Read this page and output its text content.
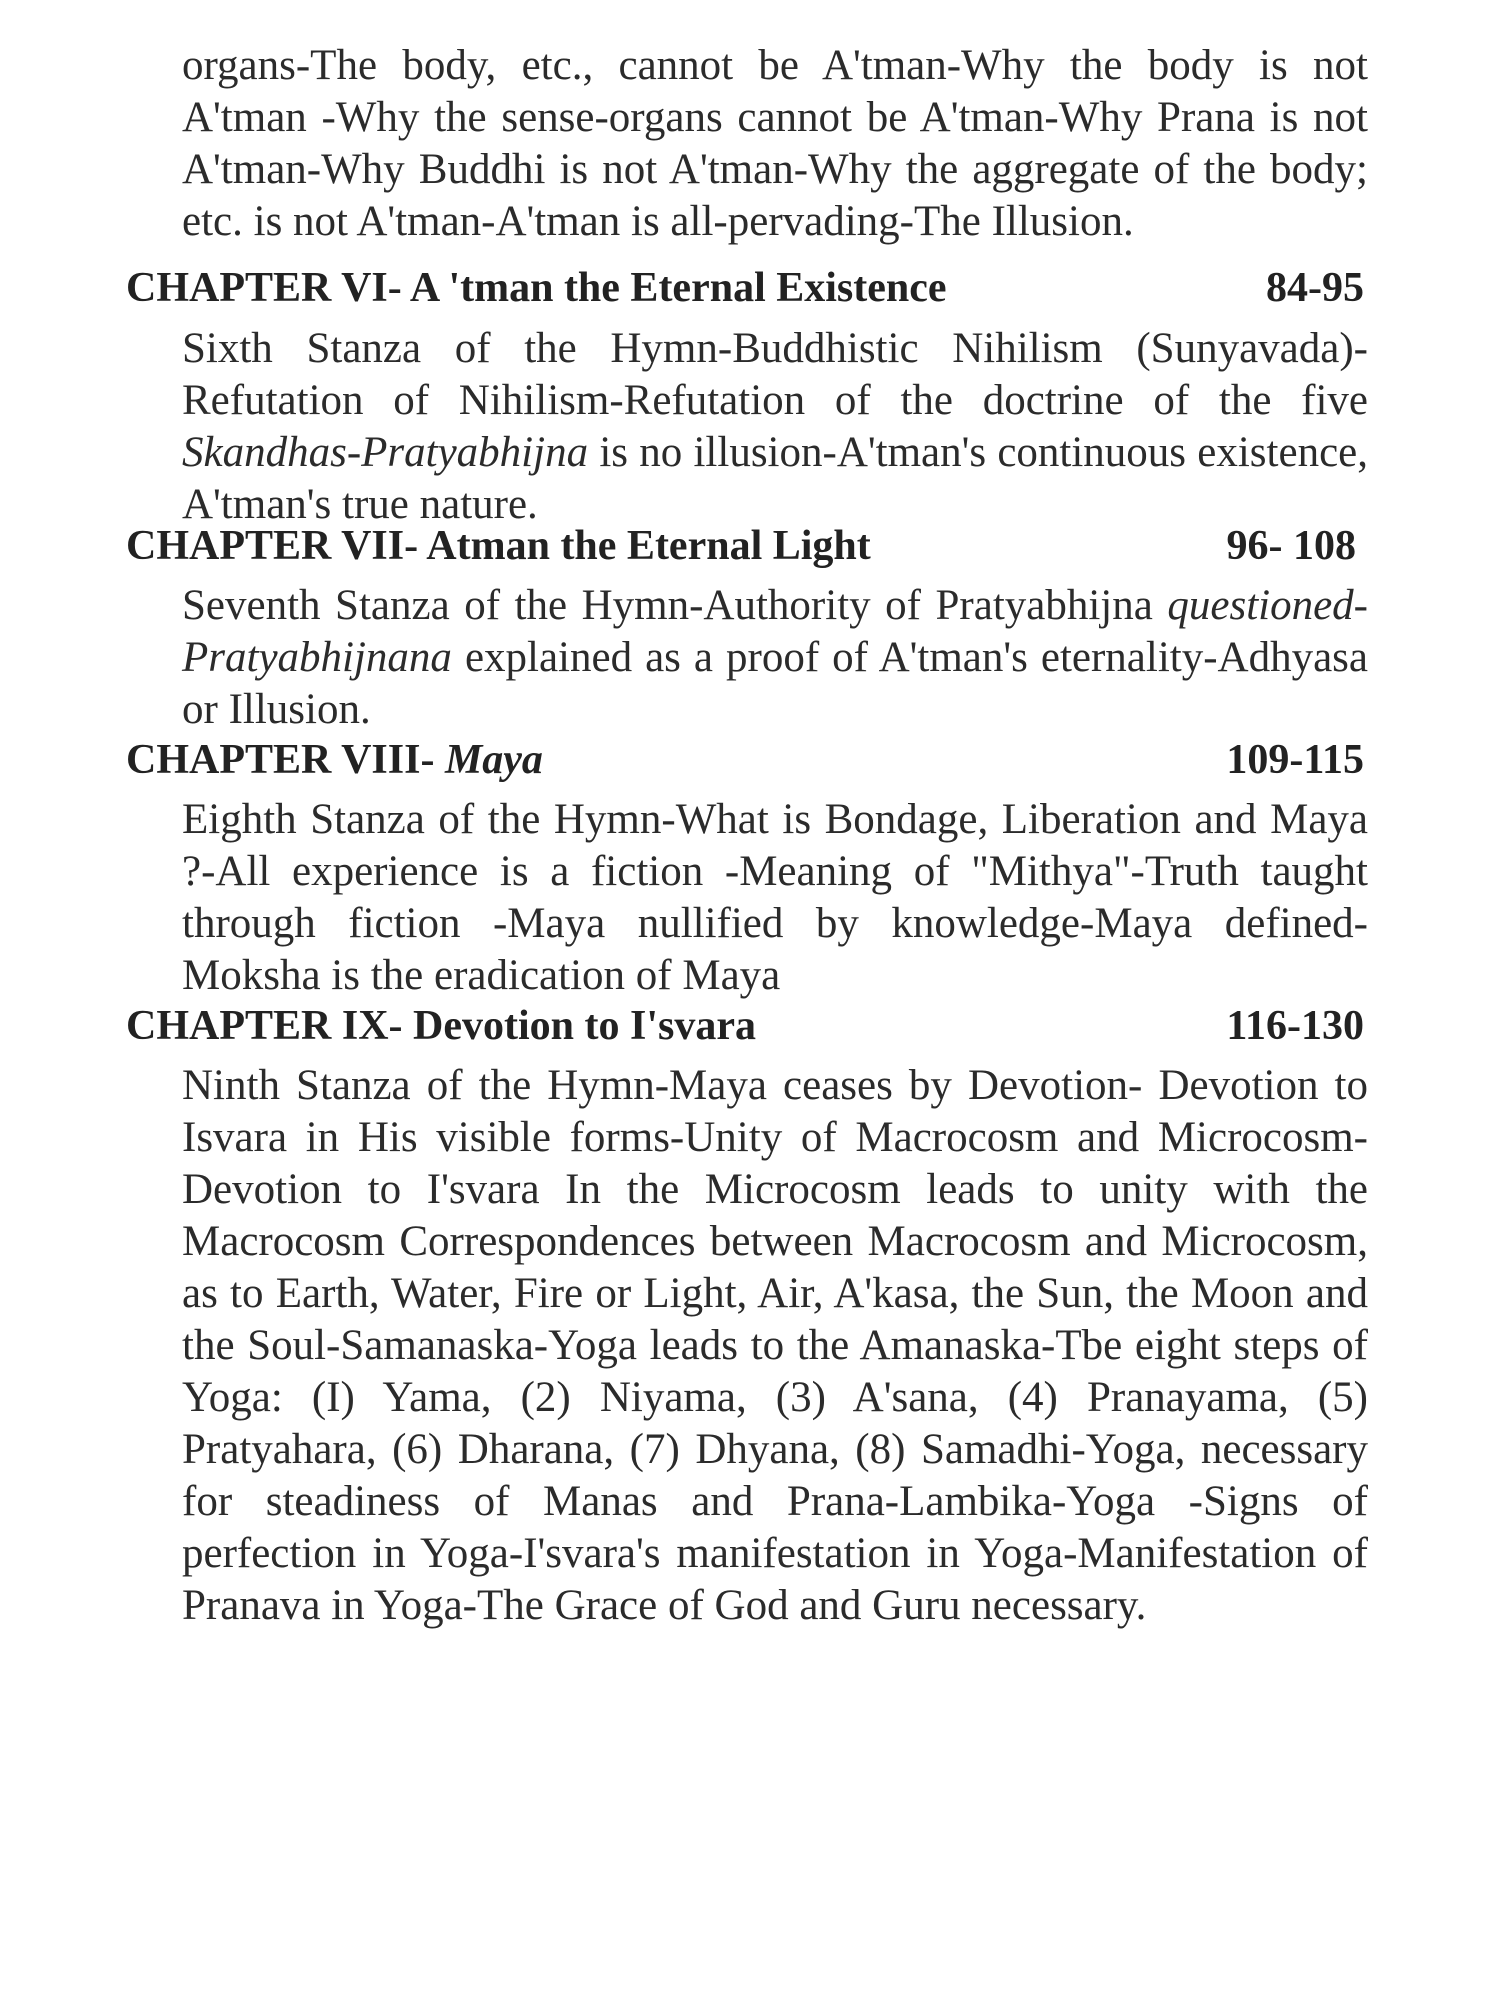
organs-The body, etc., cannot be A'tman-Why the body is not A'tman -Why the sense-organs cannot be A'tman-Why Prana is not A'tman-Why Buddhi is not A'tman-Why the aggregate of the body; etc. is not A'tman-A'tman is all-pervading-The Illusion.
CHAPTER VI- A 'tman the Eternal Existence	84-95
Sixth Stanza of the Hymn-Buddhistic Nihilism (Sunyavada)-Refutation of Nihilism-Refutation of the doctrine of the five Skandhas-Pratyabhijna is no illusion-A'tman's continuous existence, A'tman's true nature.
CHAPTER VII- Atman the Eternal Light	96- 108
Seventh Stanza of the Hymn-Authority of Pratyabhijna questioned-Pratyabhijnana explained as a proof of A'tman's eternality-Adhyasa or Illusion.
CHAPTER VIII- Maya	109-115
Eighth Stanza of the Hymn-What is Bondage, Liberation and Maya ?-All experience is a fiction -Meaning of "Mithya"-Truth taught through fiction -Maya nullified by knowledge-Maya defined-Moksha is the eradication of Maya
CHAPTER IX- Devotion to I'svara	116-130
Ninth Stanza of the Hymn-Maya ceases by Devotion- Devotion to Isvara in His visible forms-Unity of Macrocosm and Microcosm-Devotion to I'svara In the Microcosm leads to unity with the Macrocosm Correspondences between Macrocosm and Microcosm, as to Earth, Water, Fire or Light, Air, A'kasa, the Sun, the Moon and the Soul-Samanaska-Yoga leads to the Amanaska-Tbe eight steps of Yoga: (I) Yama, (2) Niyama, (3) A'sana, (4) Pranayama, (5) Pratyahara, (6) Dharana, (7) Dhyana, (8) Samadhi-Yoga, necessary for steadiness of Manas and Prana-Lambika-Yoga -Signs of perfection in Yoga-I'svara's manifestation in Yoga-Manifestation of Pranava in Yoga-The Grace of God and Guru necessary.
